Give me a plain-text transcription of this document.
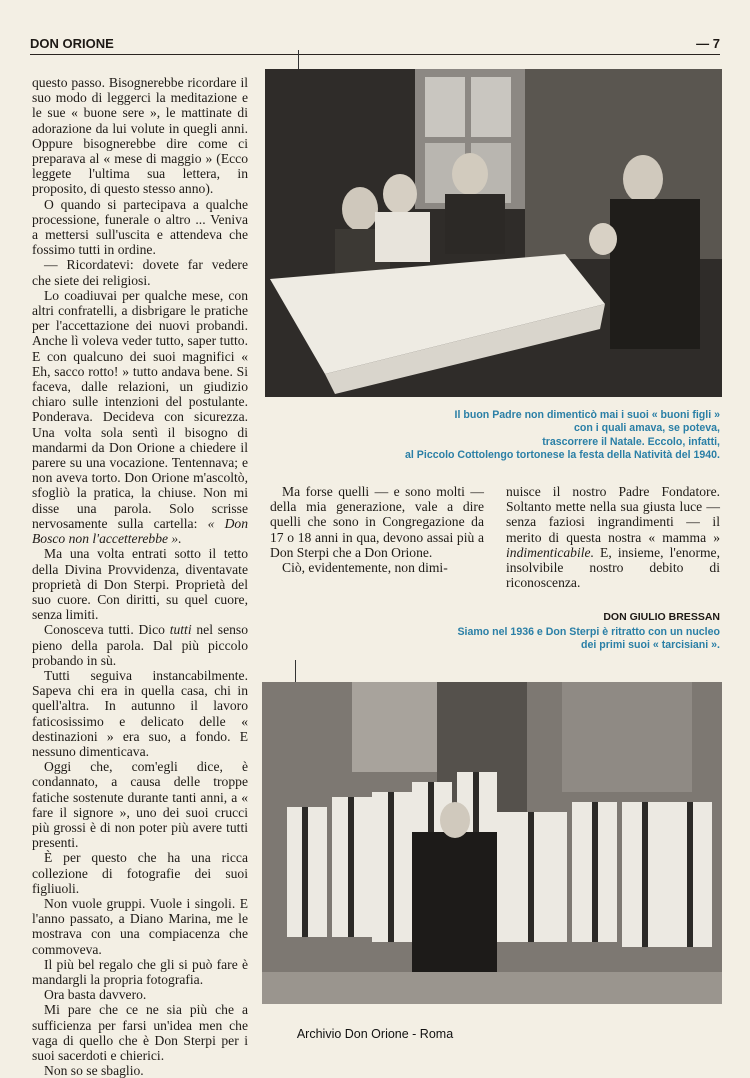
DON ORIONE	— 7

questo passo. Bisognerebbe ricordare il suo modo di leggerci la meditazione e le sue « buone sere », le mattinate di adorazione da lui volute in quegli anni. Oppure bisognerebbe dire come ci preparava al « mese di maggio » (Ecco leggete l'ultima sua lettera, in proposito, di questo stesso anno).

O quando si partecipava a qualche processione, funerale o altro ... Veniva a mettersi sull'uscita e attendeva che fossimo tutti in ordine.

— Ricordatevi: dovete far vedere che siete dei religiosi.

Lo coadiuvai per qualche mese, con altri confratelli, a disbrigare le pratiche per l'accettazione dei nuovi probandi. Anche lì voleva veder tutto, saper tutto. E con qualcuno dei suoi magnifici « Eh, sacco rotto! » tutto andava bene. Si faceva, dalle relazioni, un giudizio chiaro sulle intenzioni del postulante. Ponderava. Decideva con sicurezza. Una volta sola sentì il bisogno di mandarmi da Don Orione a chiedere il parere su una vocazione. Tentennava; e non aveva torto. Don Orione m'ascoltò, sfogliò la pratica, la chiuse. Non mi disse una parola. Solo scrisse nervosamente sulla cartella: « Don Bosco non l'accetterebbe ».

Ma una volta entrati sotto il tetto della Divina Provvidenza, diventavate proprietà di Don Sterpi. Proprietà del suo cuore. Con diritti, su quel cuore, senza limiti.

Conosceva tutti. Dico tutti nel senso pieno della parola. Dal più piccolo probando in sù.

Tutti seguiva instancabilmente. Sapeva chi era in quella casa, chi in quell'altra. In autunno il lavoro faticosissimo e delicato delle « destinazioni » era suo, a fondo. E nessuno dimenticava.

Oggi che, com'egli dice, è condannato, a causa delle troppe fatiche sostenute durante tanti anni, a « fare il signore », uno dei suoi crucci più grossi è di non poter più avere tutti presenti.

È per questo che ha una ricca collezione di fotografie dei suoi figliuoli.

Non vuole gruppi. Vuole i singoli. E l'anno passato, a Diano Marina, me le mostrava con una compiacenza che commoveva.

Il più bel regalo che gli si può fare è mandargli la propria fotografia.

Ora basta davvero.

Mi pare che ce ne sia più che a sufficienza per farsi un'idea men che vaga di quello che è Don Sterpi per i suoi sacerdoti e chierici.

Non so se sbaglio.

Il buon Padre non dimenticò mai i suoi « buoni figli »
con i quali amava, se poteva,
trascorrere il Natale. Eccolo, infatti,
al Piccolo Cottolengo tortonese la festa della Natività del 1940.

Ma forse quelli — e sono molti — della mia generazione, vale a dire quelli che sono in Congregazione da 17 o 18 anni in qua, devono assai più a Don Sterpi che a Don Orione.

Ciò, evidentemente, non dimi-

nuisce il nostro Padre Fondatore. Soltanto mette nella sua giusta luce — senza faziosi ingrandimenti — il merito di questa nostra « mamma » indimenticabile. E, insieme, l'enorme, insolvibile nostro debito di riconoscenza.

DON GIULIO BRESSAN
Siamo nel 1936 e Don Sterpi è ritratto con un nucleo
dei primi suoi « tarcisiani ».
Archivio Don Orione - Roma
